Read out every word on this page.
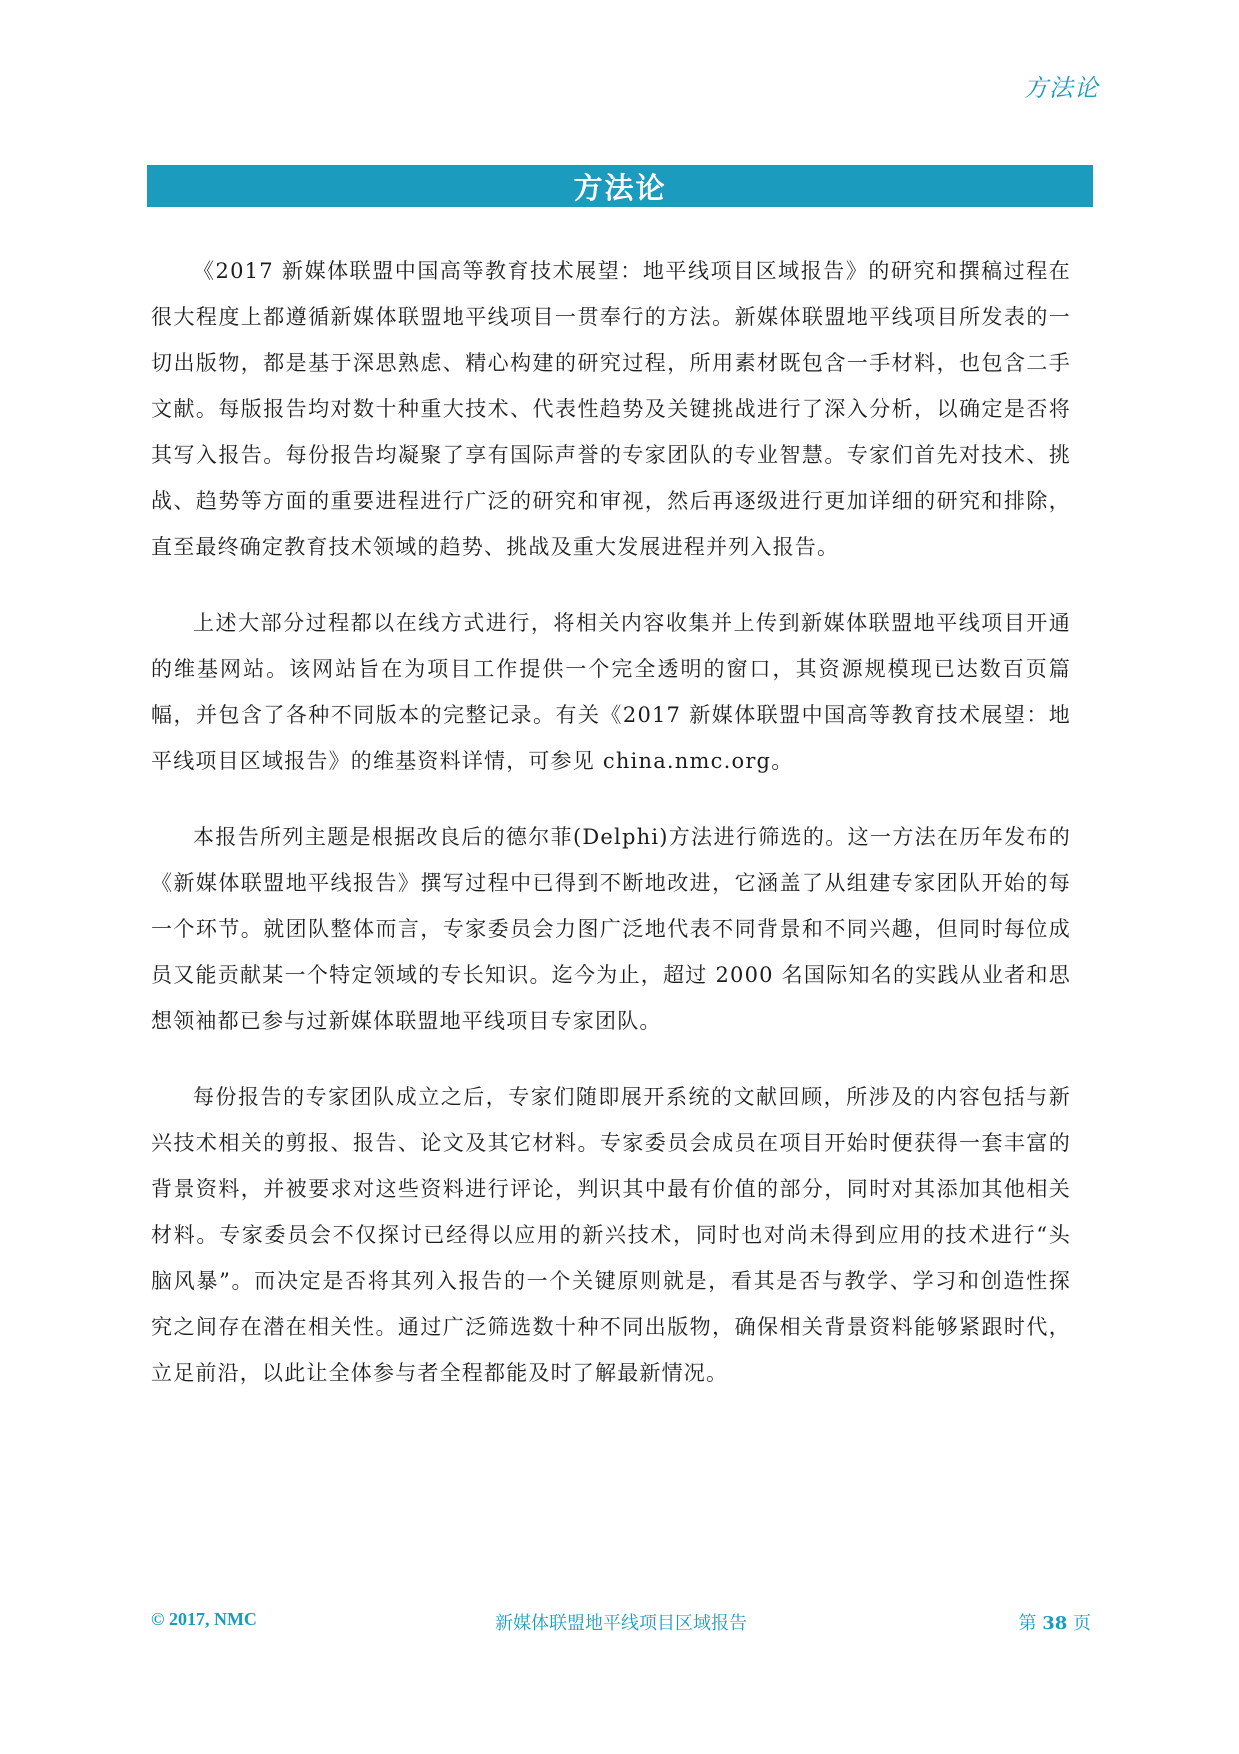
方法论
方法论

《2017 新媒体联盟中国高等教育技术展望：地平线项目区域报告》的研究和撰稿过程在很大程度上都遵循新媒体联盟地平线项目一贯奉行的方法。新媒体联盟地平线项目所发表的一切出版物，都是基于深思熟虑、精心构建的研究过程，所用素材既包含一手材料，也包含二手文献。每版报告均对数十种重大技术、代表性趋势及关键挑战进行了深入分析，以确定是否将其写入报告。每份报告均凝聚了享有国际声誉的专家团队的专业智慧。专家们首先对技术、挑战、趋势等方面的重要进程进行广泛的研究和审视，然后再逐级进行更加详细的研究和排除，直至最终确定教育技术领域的趋势、挑战及重大发展进程并列入报告。

上述大部分过程都以在线方式进行，将相关内容收集并上传到新媒体联盟地平线项目开通的维基网站。该网站旨在为项目工作提供一个完全透明的窗口，其资源规模现已达数百页篇幅，并包含了各种不同版本的完整记录。有关《2017 新媒体联盟中国高等教育技术展望：地平线项目区域报告》的维基资料详情，可参见 china.nmc.org。

本报告所列主题是根据改良后的德尔菲(Delphi)方法进行筛选的。这一方法在历年发布的《新媒体联盟地平线报告》撰写过程中已得到不断地改进，它涵盖了从组建专家团队开始的每一个环节。就团队整体而言，专家委员会力图广泛地代表不同背景和不同兴趣，但同时每位成员又能贡献某一个特定领域的专长知识。迄今为止，超过 2000 名国际知名的实践从业者和思想领袖都已参与过新媒体联盟地平线项目专家团队。

每份报告的专家团队成立之后，专家们随即展开系统的文献回顾，所涉及的内容包括与新兴技术相关的剪报、报告、论文及其它材料。专家委员会成员在项目开始时便获得一套丰富的背景资料，并被要求对这些资料进行评论，判识其中最有价值的部分，同时对其添加其他相关材料。专家委员会不仅探讨已经得以应用的新兴技术，同时也对尚未得到应用的技术进行“头脑风暴”。而决定是否将其列入报告的一个关键原则就是，看其是否与教学、学习和创造性探究之间存在潜在相关性。通过广泛筛选数十种不同出版物，确保相关背景资料能够紧跟时代，立足前沿，以此让全体参与者全程都能及时了解最新情况。

© 2017, NMC	新媒体联盟地平线项目区域报告	第 38 页
